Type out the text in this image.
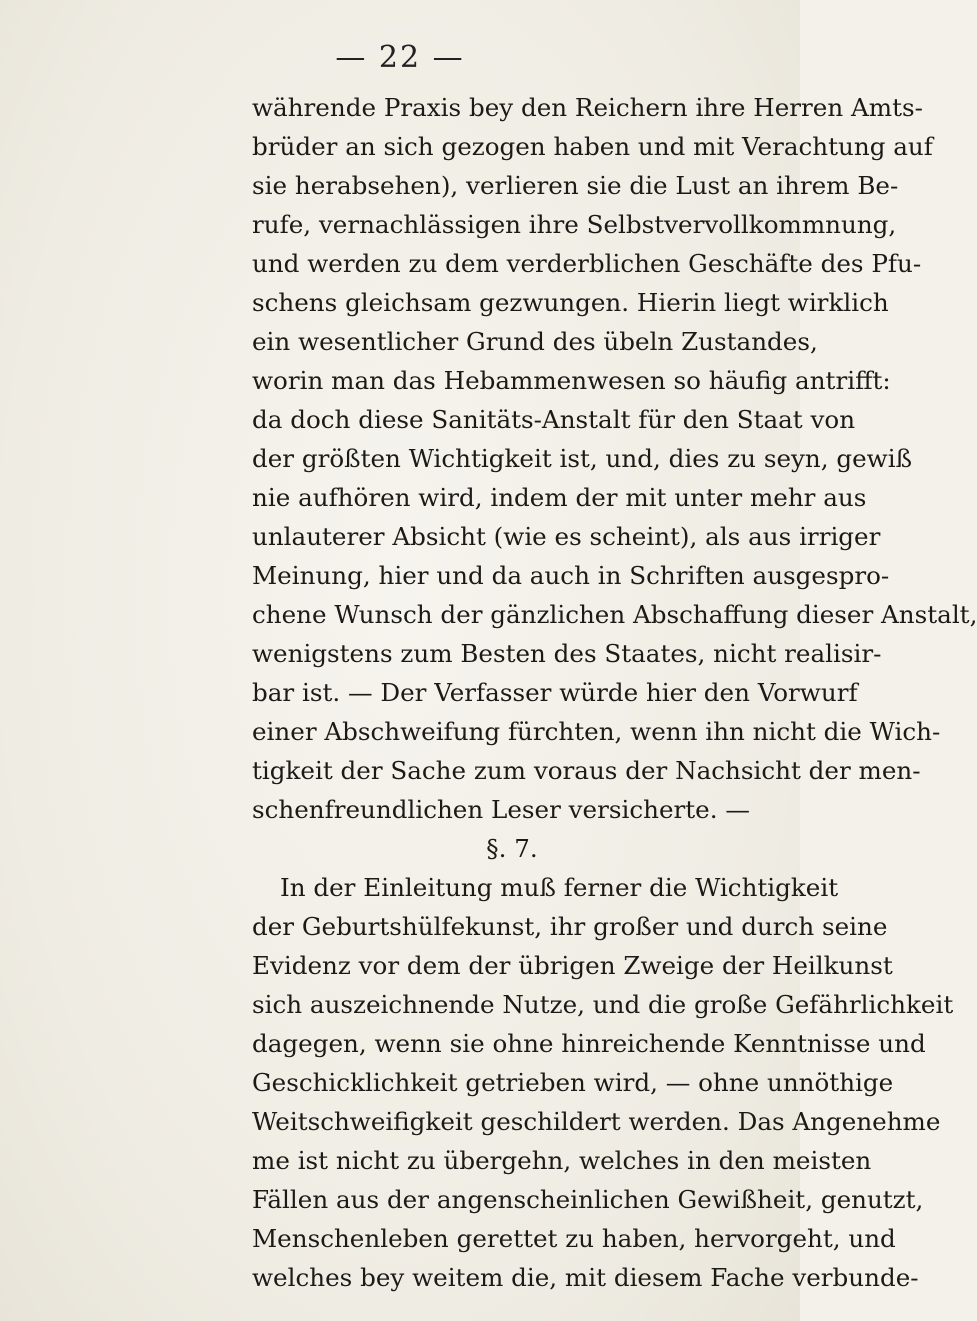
— 22 —
währende Praxis bey den Reichern ihre Herren Amts-
brüder an sich gezogen haben und mit Verachtung auf
sie herabsehen), verlieren sie die Lust an ihrem Be-
rufe, vernachlässigen ihre Selbstvervollkommnung,
und werden zu dem verderblichen Geschäfte des Pfu-
schens gleichsam gezwungen. Hierin liegt wirklich
ein wesentlicher Grund des übeln Zustandes,
worin man das Hebammenwesen so häufig antrifft:
da doch diese Sanitäts-Anstalt für den Staat von
der größten Wichtigkeit ist, und, dies zu seyn, gewiß
nie aufhören wird, indem der mit unter mehr aus
unlauterer Absicht (wie es scheint), als aus irriger
Meinung, hier und da auch in Schriften ausgespro-
chene Wunsch der gänzlichen Abschaffung dieser Anstalt,
wenigstens zum Besten des Staates, nicht realisir-
bar ist. — Der Verfasser würde hier den Vorwurf
einer Abschweifung fürchten, wenn ihn nicht die Wich-
tigkeit der Sache zum voraus der Nachsicht der men-
schenfreundlichen Leser versicherte. —
§. 7.
In der Einleitung muß ferner die Wichtigkeit
der Geburtshülfekunst, ihr großer und durch seine
Evidenz vor dem der übrigen Zweige der Heilkunst
sich auszeichnende Nutze, und die große Gefährlichkeit
dagegen, wenn sie ohne hinreichende Kenntnisse und
Geschicklichkeit getrieben wird, — ohne unnöthige
Weitschweifigkeit geschildert werden. Das Angenehme
me ist nicht zu übergehn, welches in den meisten
Fällen aus der angenscheinlichen Gewißheit, genutzt,
Menschenleben gerettet zu haben, hervorgeht, und
welches bey weitem die, mit diesem Fache verbunde-
